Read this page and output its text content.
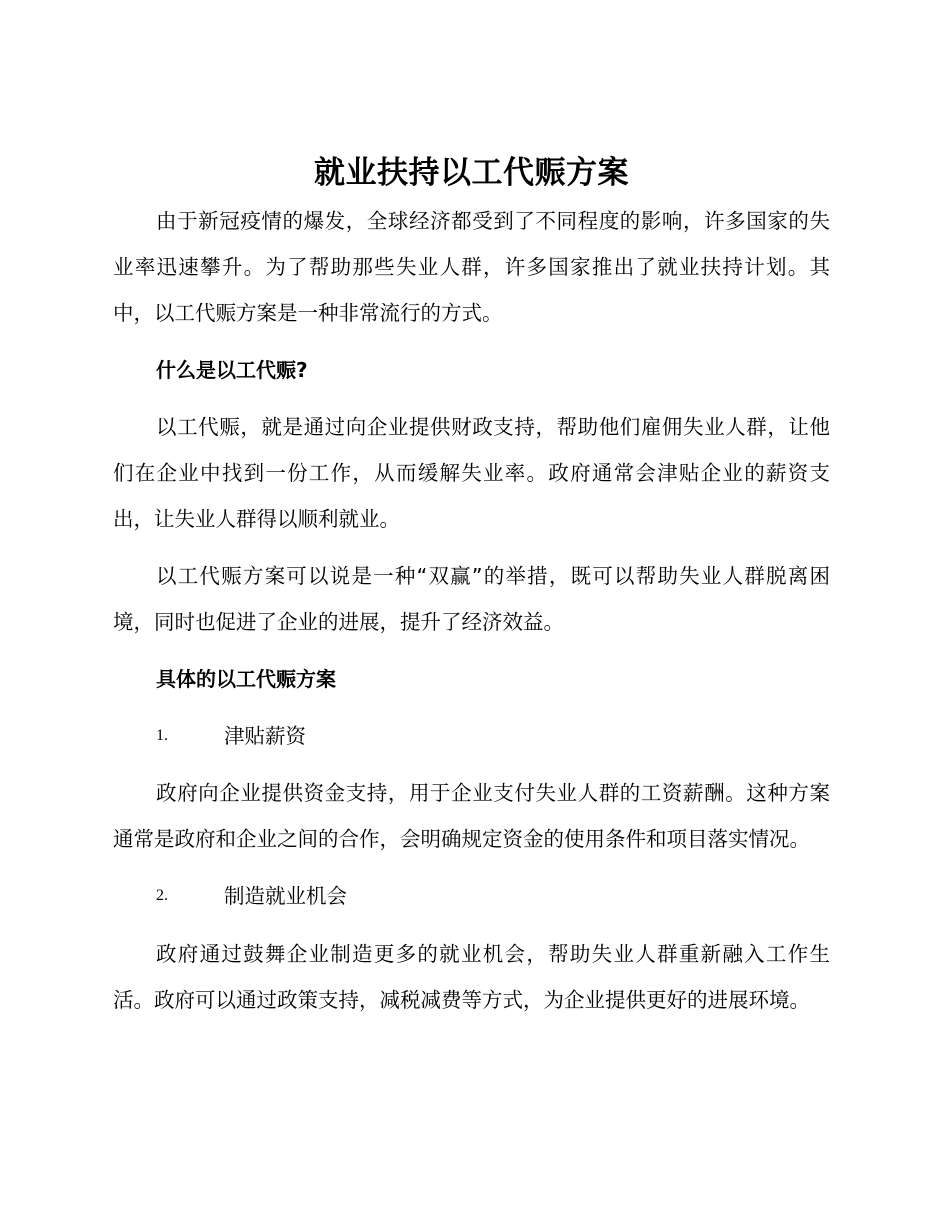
就业扶持以工代赈方案

由于新冠疫情的爆发，全球经济都受到了不同程度的影响，许多国家的失业率迅速攀升。为了帮助那些失业人群，许多国家推出了就业扶持计划。其中，以工代赈方案是一种非常流行的方式。

什么是以工代赈?

以工代赈，就是通过向企业提供财政支持，帮助他们雇佣失业人群，让他们在企业中找到一份工作，从而缓解失业率。政府通常会津贴企业的薪资支出，让失业人群得以顺利就业。

以工代赈方案可以说是一种“双赢”的举措，既可以帮助失业人群脱离困境，同时也促进了企业的进展，提升了经济效益。

具体的以工代赈方案
1.	津贴薪资

政府向企业提供资金支持，用于企业支付失业人群的工资薪酬。这种方案通常是政府和企业之间的合作，会明确规定资金的使用条件和项目落实情况。

2.	制造就业机会

政府通过鼓舞企业制造更多的就业机会，帮助失业人群重新融入工作生活。政府可以通过政策支持，减税减费等方式，为企业提供更好的进展环境。
